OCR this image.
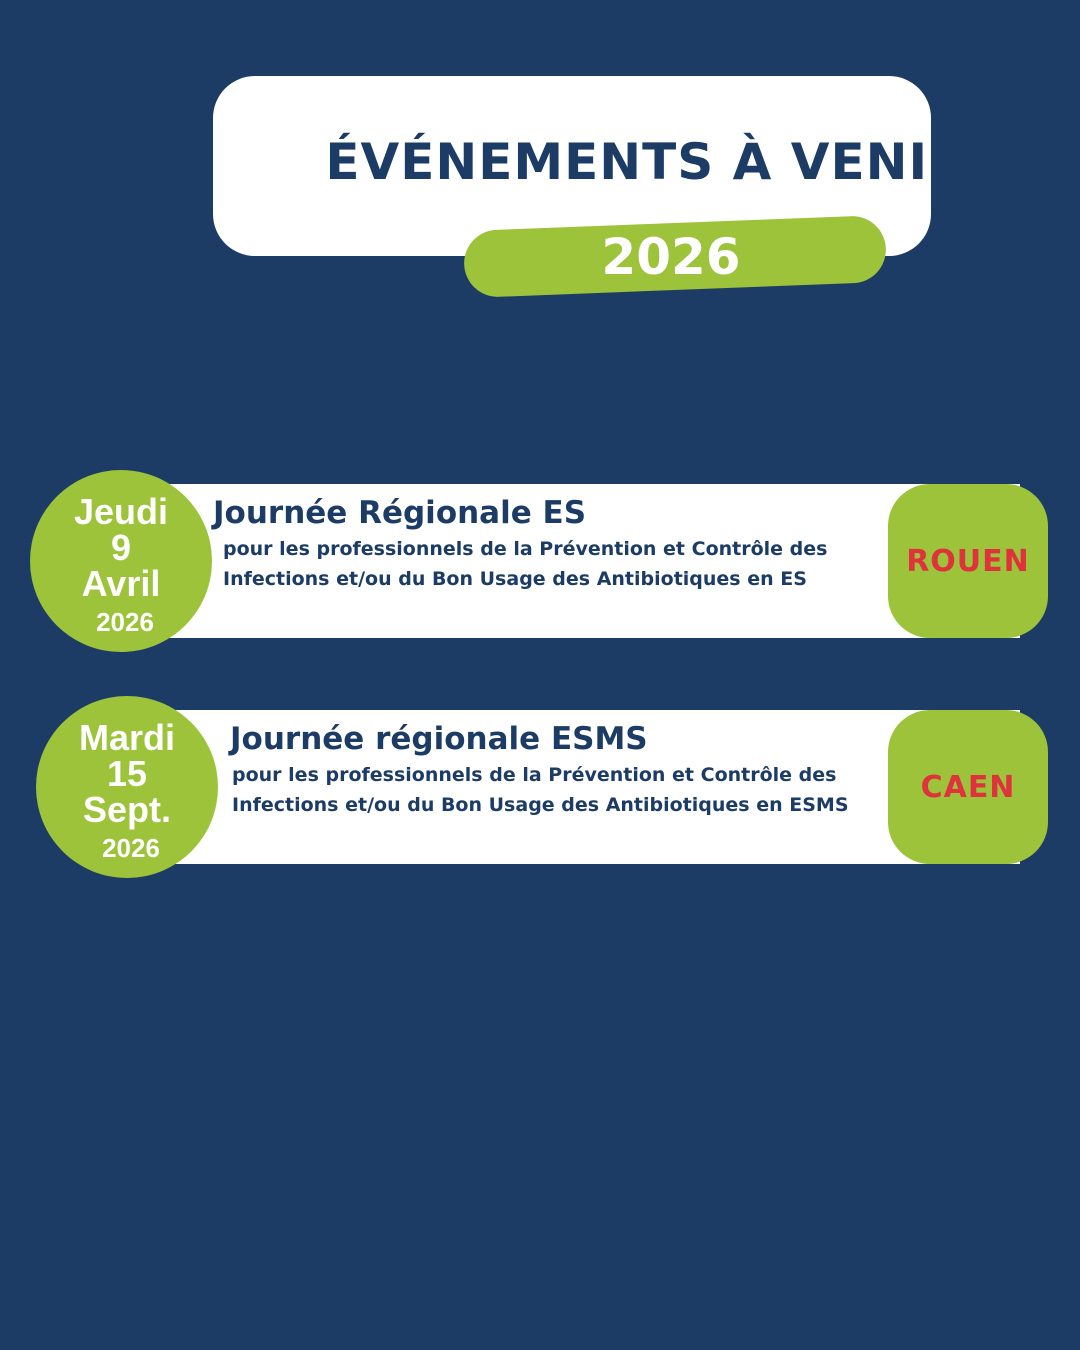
ÉVÉNEMENTS À VENIR
2026
Jeudi
9
Avril
2026
Journée Régionale ES
pour les professionnels de la Prévention et Contrôle des Infections et/ou du Bon Usage des Antibiotiques en ES
ROUEN
Mardi
15
Sept.
2026
Journée régionale ESMS
pour les professionnels de la Prévention et Contrôle des Infections et/ou du Bon Usage des Antibiotiques en ESMS
CAEN
